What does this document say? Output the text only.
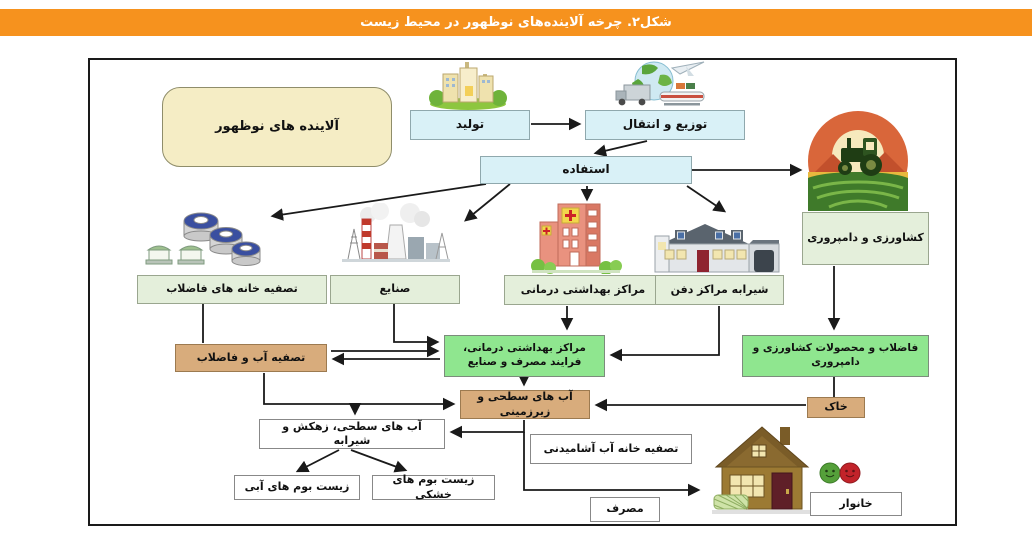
شکل۲. چرخه آلاینده‌های نوظهور در محیط زیست
آلاینده های نوظهور	تولید	توزیع و انتقال
استفاده
تصفیه خانه های فاضلاب	صنایع	مراکز بهداشتی درمانی	شیرابه مراکز دفن
کشاورزی و دامپروری
تصفیه آب و فاضلاب
مراکز بهداشتی درمانی، فرایند مصرف و صنایع
فاضلاب و محصولات کشاورزی و دامپروری
آب های سطحی و زیرزمینی	خاک
آب های سطحی، زهکش و شیرابه
زیست بوم های آبی
زیست بوم های خشکی
تصفیه خانه آب آشامیدنی
مصرف	خانوار
